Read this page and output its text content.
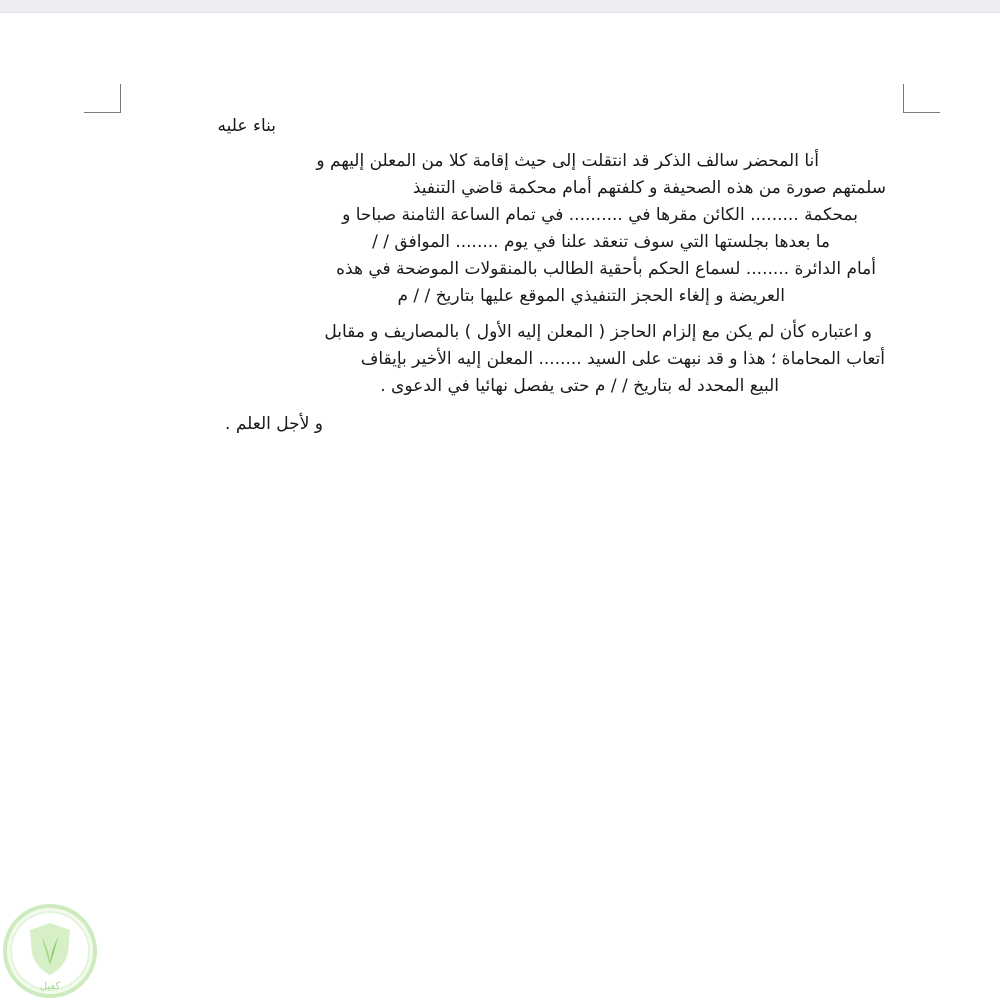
بناء عليه
أنا المحضر سالف الذكر قد انتقلت إلى حيث إقامة كلا من المعلن إليهم و
سلمتهم صورة من هذه الصحيفة و كلفتهم أمام محكمة قاضي التنفيذ
بمحكمة ......... الكائن مقرها في .......... في تمام الساعة الثامنة صباحا و
ما بعدها بجلستها التي سوف تنعقد علنا في يوم ........ الموافق / /
أمام الدائرة ........ لسماع الحكم بأحقية الطالب بالمنقولات الموضحة في هذه
العريضة و إلغاء الحجز التنفيذي الموقع عليها بتاريخ / / م
و اعتباره كأن لم يكن مع إلزام الحاجز ( المعلن إليه الأول ) بالمصاريف و مقابل
أتعاب المحاماة ؛ هذا و قد نبهت على السيد ........ المعلن إليه الأخير بإيقاف
البيع المحدد له بتاريخ / / م حتى يفصل نهائيا في الدعوى .
و لأجل العلم .
كفيل
